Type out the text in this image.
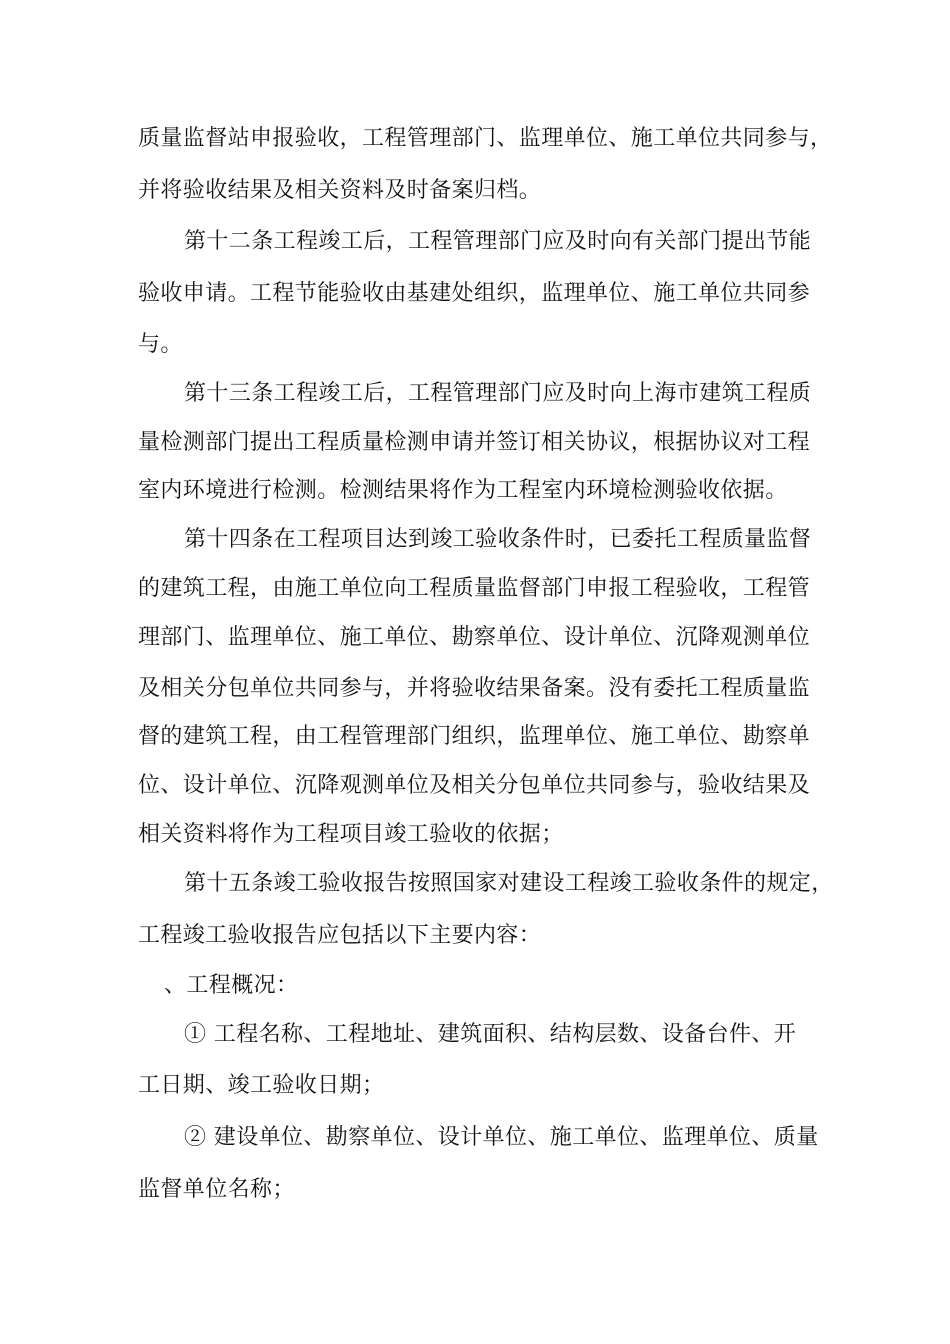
质量监督站申报验收，工程管理部门、监理单位、施工单位共同参与，
并将验收结果及相关资料及时备案归档。
第十二条工程竣工后，工程管理部门应及时向有关部门提出节能
验收申请。工程节能验收由基建处组织，监理单位、施工单位共同参
与。
第十三条工程竣工后，工程管理部门应及时向上海市建筑工程质
量检测部门提出工程质量检测申请并签订相关协议，根据协议对工程
室内环境进行检测。检测结果将作为工程室内环境检测验收依据。
第十四条在工程项目达到竣工验收条件时，已委托工程质量监督
的建筑工程，由施工单位向工程质量监督部门申报工程验收，工程管
理部门、监理单位、施工单位、勘察单位、设计单位、沉降观测单位
及相关分包单位共同参与，并将验收结果备案。没有委托工程质量监
督的建筑工程，由工程管理部门组织，监理单位、施工单位、勘察单
位、设计单位、沉降观测单位及相关分包单位共同参与，验收结果及
相关资料将作为工程项目竣工验收的依据；
第十五条竣工验收报告按照国家对建设工程竣工验收条件的规定，
工程竣工验收报告应包括以下主要内容：
、工程概况：
① 工程名称、工程地址、建筑面积、结构层数、设备台件、开
工日期、竣工验收日期；
② 建设单位、勘察单位、设计单位、施工单位、监理单位、质量
监督单位名称；
